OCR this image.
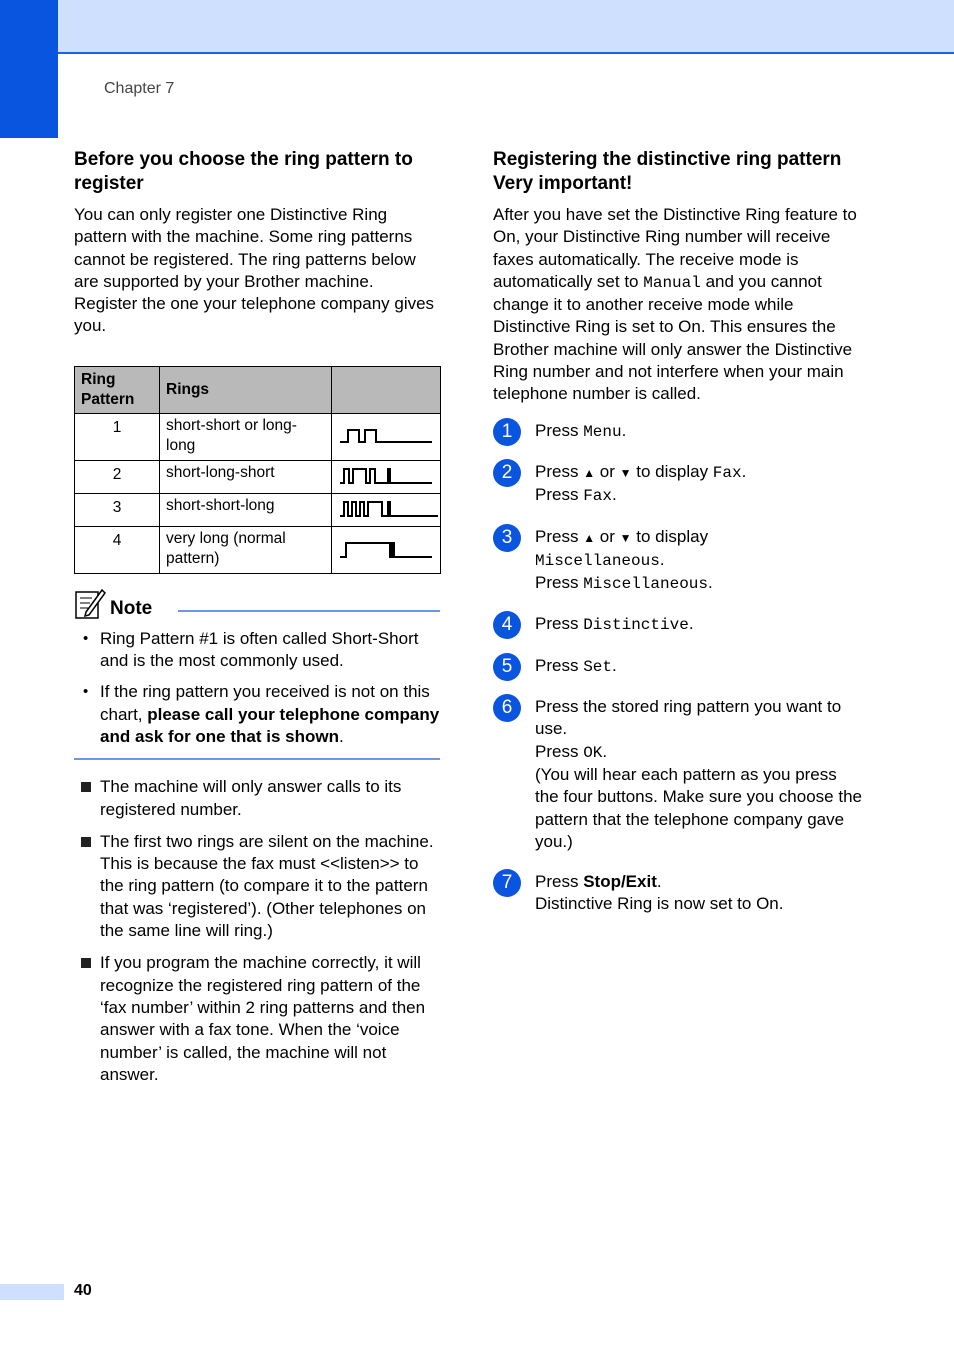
Chapter 7
Before you choose the ring pattern to register

You can only register one Distinctive Ring pattern with the machine. Some ring patterns cannot be registered. The ring patterns below are supported by your Brother machine. Register the one your telephone company gives you.

Ring Pattern	Rings	
1	short-short or long-long	
2	short-long-short	
3	short-short-long	
4	very long (normal pattern)	
Note
• Ring Pattern #1 is often called Short-Short and is the most commonly used.
• If the ring pattern you received is not on this chart, please call your telephone company and ask for one that is shown.
The machine will only answer calls to its registered number.
The first two rings are silent on the machine. This is because the fax must <<listen>> to the ring pattern (to compare it to the pattern that was ‘registered’). (Other telephones on the same line will ring.)
If you program the machine correctly, it will recognize the registered ring pattern of the ‘fax number’ within 2 ring patterns and then answer with a fax tone. When the ‘voice number’ is called, the machine will not answer.
Registering the distinctive ring pattern
Very important!

After you have set the Distinctive Ring feature to On, your Distinctive Ring number will receive faxes automatically. The receive mode is automatically set to Manual and you cannot change it to another receive mode while Distinctive Ring is set to On. This ensures the Brother machine will only answer the Distinctive Ring number and not interfere when your main telephone number is called.

1	Press Menu.
2	Press ▲ or ▼ to display Fax.
Press Fax.
3	Press ▲ or ▼ to display
Miscellaneous.
Press Miscellaneous.
4	Press Distinctive.
5	Press Set.
6	Press the stored ring pattern you want to use.
Press OK.
(You will hear each pattern as you press the four buttons. Make sure you choose the pattern that the telephone company gave you.)
7	Press Stop/Exit.
Distinctive Ring is now set to On.
40
